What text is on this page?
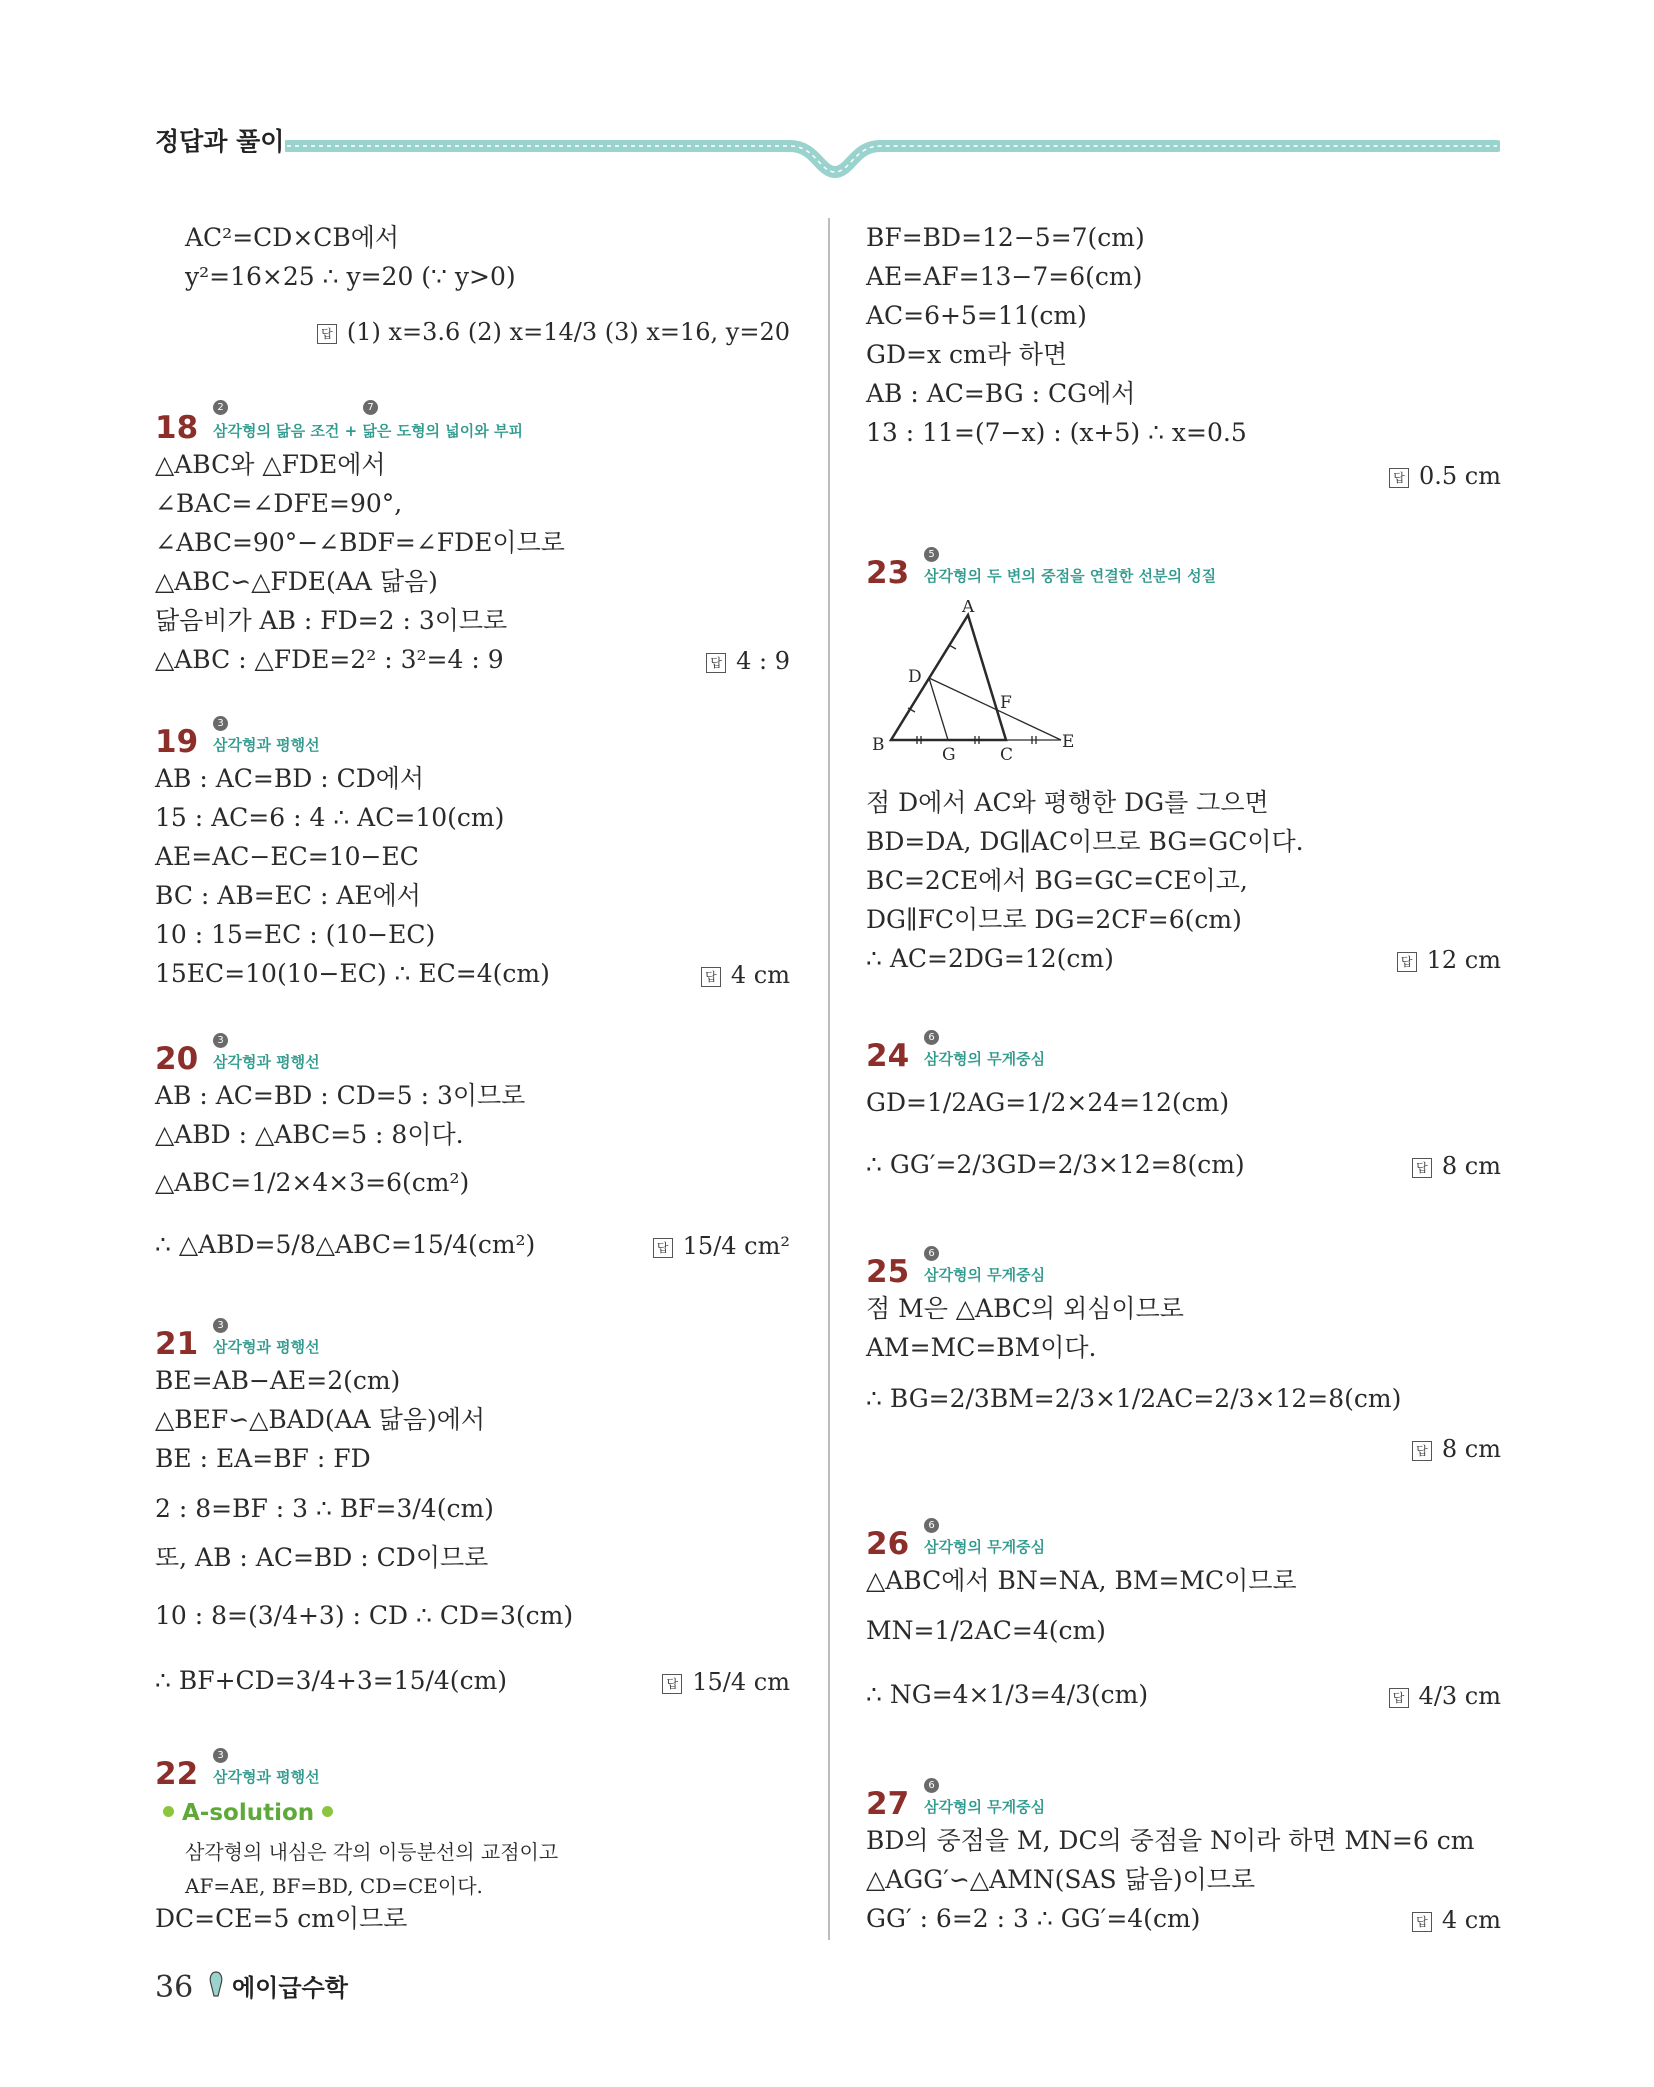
정답과 풀이
AC²=CD×CB에서
y²=16×25 ∴ y=20 (∵ y>0)
답 (1) x=3.6 (2) x=14/3 (3) x=16, y=20
2	7
18 삼각형의 닮음 조건 + 닮은 도형의 넓이와 부피
△ABC와 △FDE에서
∠BAC=∠DFE=90°,
∠ABC=90°−∠BDF=∠FDE이므로
△ABC∽△FDE(AA 닮음)
닮음비가 AB : FD=2 : 3이므로
△ABC : △FDE=2² : 3²=4 : 9	답 4 : 9
3
19 삼각형과 평행선
AB : AC=BD : CD에서
15 : AC=6 : 4 ∴ AC=10(cm)
AE=AC−EC=10−EC
BC : AB=EC : AE에서
10 : 15=EC : (10−EC)
15EC=10(10−EC) ∴ EC=4(cm)	답 4 cm
3
20 삼각형과 평행선
AB : AC=BD : CD=5 : 3이므로
△ABD : △ABC=5 : 8이다.
△ABC=1/2×4×3=6(cm²)
∴ △ABD=5/8△ABC=15/4(cm²)	답 15/4 cm²
3
21 삼각형과 평행선
BE=AB−AE=2(cm)
△BEF∽△BAD(AA 닮음)에서
BE : EA=BF : FD
2 : 8=BF : 3 ∴ BF=3/4(cm)
또, AB : AC=BD : CD이므로
10 : 8=(3/4+3) : CD ∴ CD=3(cm)
∴ BF+CD=3/4+3=15/4(cm)	답 15/4 cm
3
22 삼각형과 평행선
A-solution
삼각형의 내심은 각의 이등분선의 교점이고
AF=AE, BF=BD, CD=CE이다.
DC=CE=5 cm이므로
BF=BD=12−5=7(cm)
AE=AF=13−7=6(cm)
AC=6+5=11(cm)
GD=x cm라 하면
AB : AC=BG : CG에서
13 : 11=(7−x) : (x+5) ∴ x=0.5
답 0.5 cm
5
23 삼각형의 두 변의 중점을 연결한 선분의 성질
점 D에서 AC와 평행한 DG를 그으면
BD=DA, DG∥AC이므로 BG=GC이다.
BC=2CE에서 BG=GC=CE이고,
DG∥FC이므로 DG=2CF=6(cm)
∴ AC=2DG=12(cm)	답 12 cm
6
24 삼각형의 무게중심
GD=1/2AG=1/2×24=12(cm)
∴ GG′=2/3GD=2/3×12=8(cm)	답 8 cm
6
25 삼각형의 무게중심
점 M은 △ABC의 외심이므로
AM=MC=BM이다.
∴ BG=2/3BM=2/3×1/2AC=2/3×12=8(cm)
답 8 cm
6
26 삼각형의 무게중심
△ABC에서 BN=NA, BM=MC이므로
MN=1/2AC=4(cm)
∴ NG=4×1/3=4/3(cm)	답 4/3 cm
6
27 삼각형의 무게중심
BD의 중점을 M, DC의 중점을 N이라 하면 MN=6 cm
△AGG′∽△AMN(SAS 닮음)이므로
GG′ : 6=2 : 3 ∴ GG′=4(cm)	답 4 cm
A
D
F
B	G	C
E
36 에이급수학
